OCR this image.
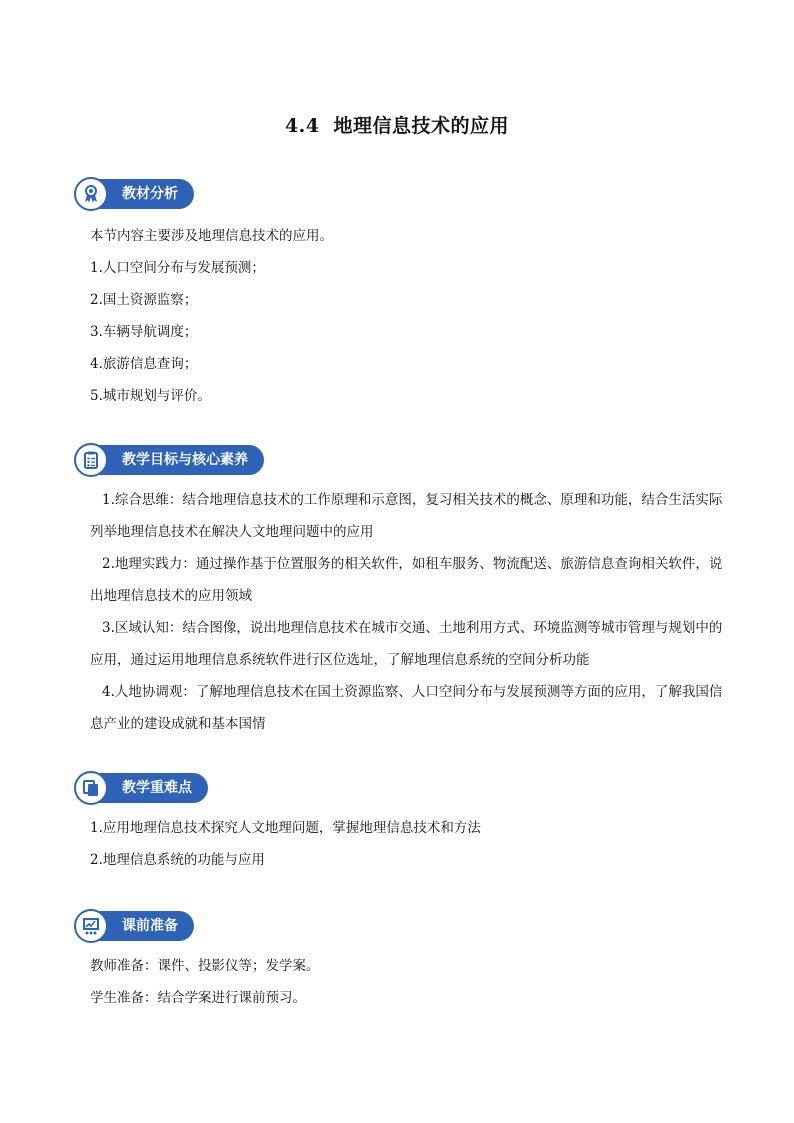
4.4 地理信息技术的应用
教材分析
本节内容主要涉及地理信息技术的应用。
1.人口空间分布与发展预测；
2.国土资源监察；
3.车辆导航调度；
4.旅游信息查询；
5.城市规划与评价。
教学目标与核心素养
1.综合思维：结合地理信息技术的工作原理和示意图，复习相关技术的概念、原理和功能，结合生活实际列举地理信息技术在解决人文地理问题中的应用
2.地理实践力：通过操作基于位置服务的相关软件，如租车服务、物流配送、旅游信息查询相关软件，说出地理信息技术的应用领域
3.区域认知：结合图像，说出地理信息技术在城市交通、土地利用方式、环境监测等城市管理与规划中的应用，通过运用地理信息系统软件进行区位选址，了解地理信息系统的空间分析功能
4.人地协调观：了解地理信息技术在国土资源监察、人口空间分布与发展预测等方面的应用，了解我国信息产业的建设成就和基本国情
教学重难点
1.应用地理信息技术探究人文地理问题，掌握地理信息技术和方法
2.地理信息系统的功能与应用
课前准备
教师准备：课件、投影仪等；发学案。
学生准备：结合学案进行课前预习。
